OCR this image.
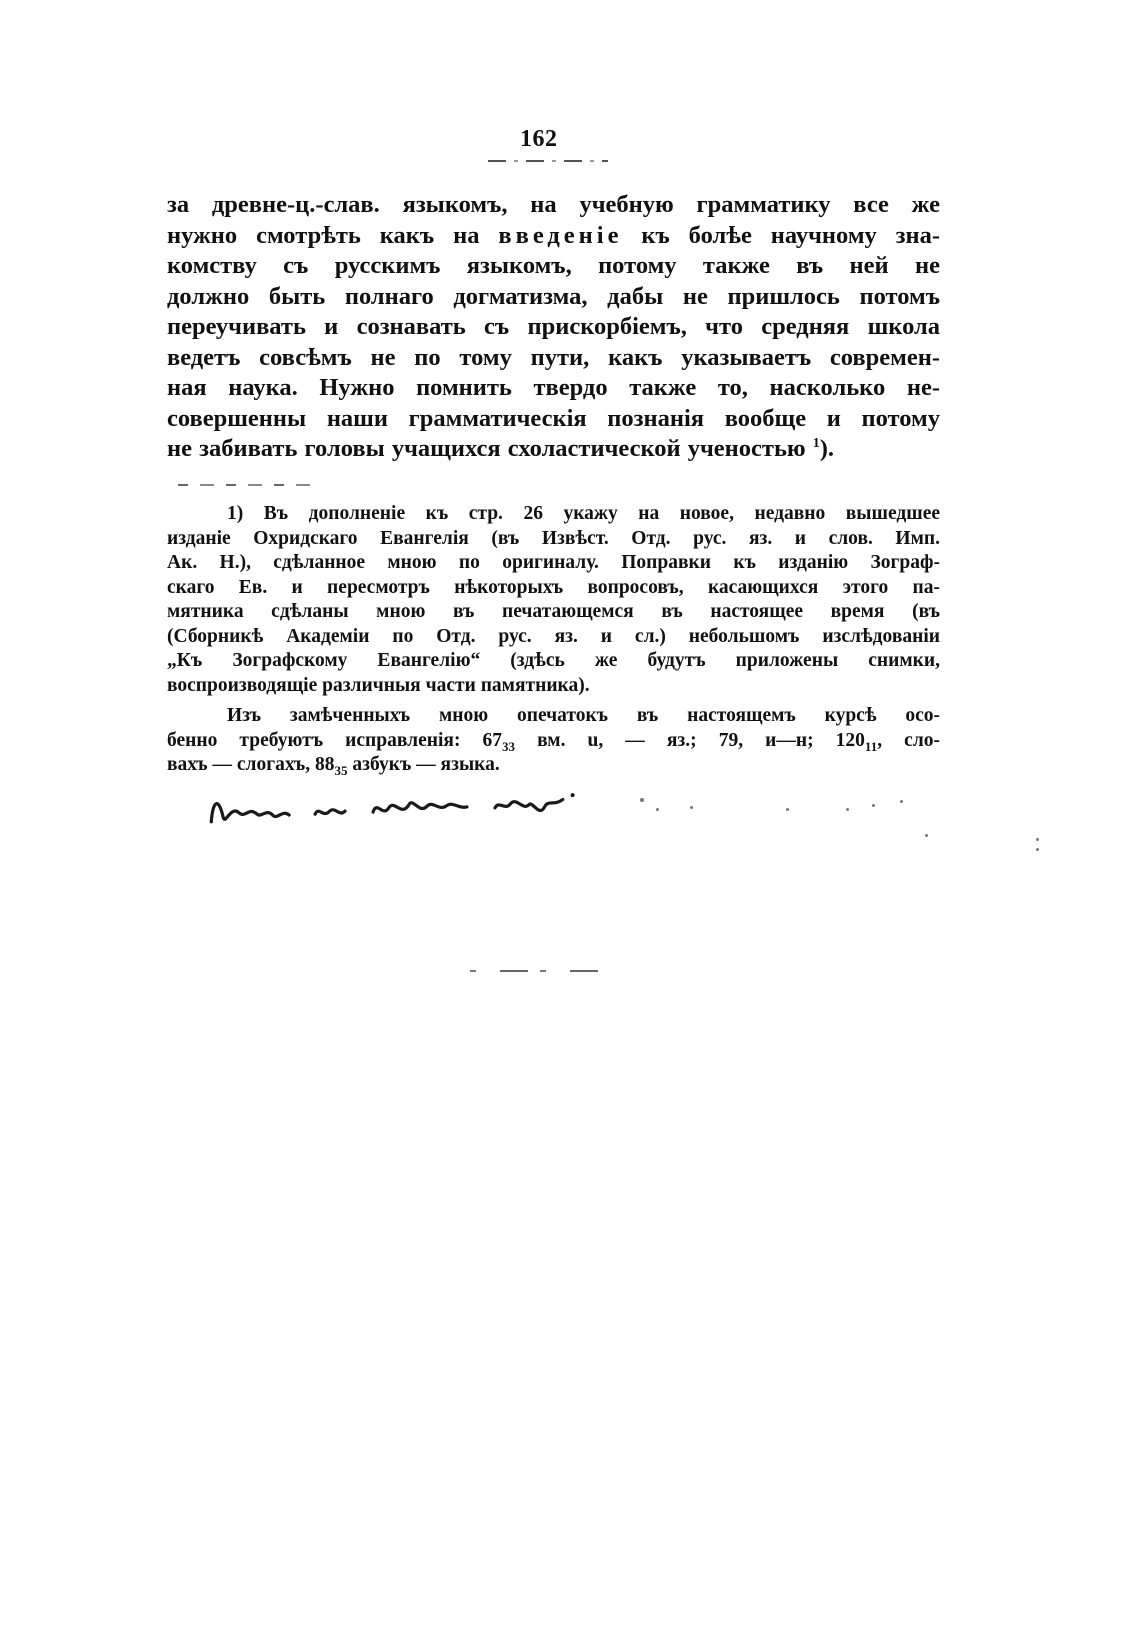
162
за древне-ц.-слав. языкомъ, на учебную грамматику все же
нужно смотрѣть какъ на введеніе къ болѣе научному зна-
комству съ русскимъ языкомъ, потому также въ ней не
должно быть полнаго догматизма, дабы не пришлось потомъ
переучивать и сознавать съ прискорбіемъ, что средняя школа
ведетъ совсѣмъ не по тому пути, какъ указываетъ современ-
ная наука. Нужно помнить твердо также то, насколько не-
совершенны наши грамматическія познанія вообще и потому
не забивать головы учащихся схоластической ученостью $^1$).
1) Въ дополненіе къ стр. 26 укажу на новое, недавно вышедшее
изданіе Охридскаго Евангелія (въ Извѣст. Отд. рус. яз. и слов. Имп.
Ак. Н.), сдѣланное мною по оригиналу. Поправки къ изданію Зограф-
скаго Ев. и пересмотръ нѣкоторыхъ вопросовъ, касающихся этого па-
мятника сдѣланы мною въ печатающемся въ настоящее время (въ
(Сборникѣ Академіи по Отд. рус. яз. и сл.) небольшомъ изслѣдованіи
„Къ Зографскому Евангелію“ (здѣсь же будутъ приложены снимки,
воспроизводящіе различныя части памятника).
Изъ замѣченныхъ мною опечатокъ въ настоящемъ курсѣ осо-
бенно требуютъ исправленія: $67_{33}$ вм. u, — яз.; 79, и—н; $120_{11}$, сло-
вахъ — слогахъ, $88_{35}$ азбукъ — языка.
